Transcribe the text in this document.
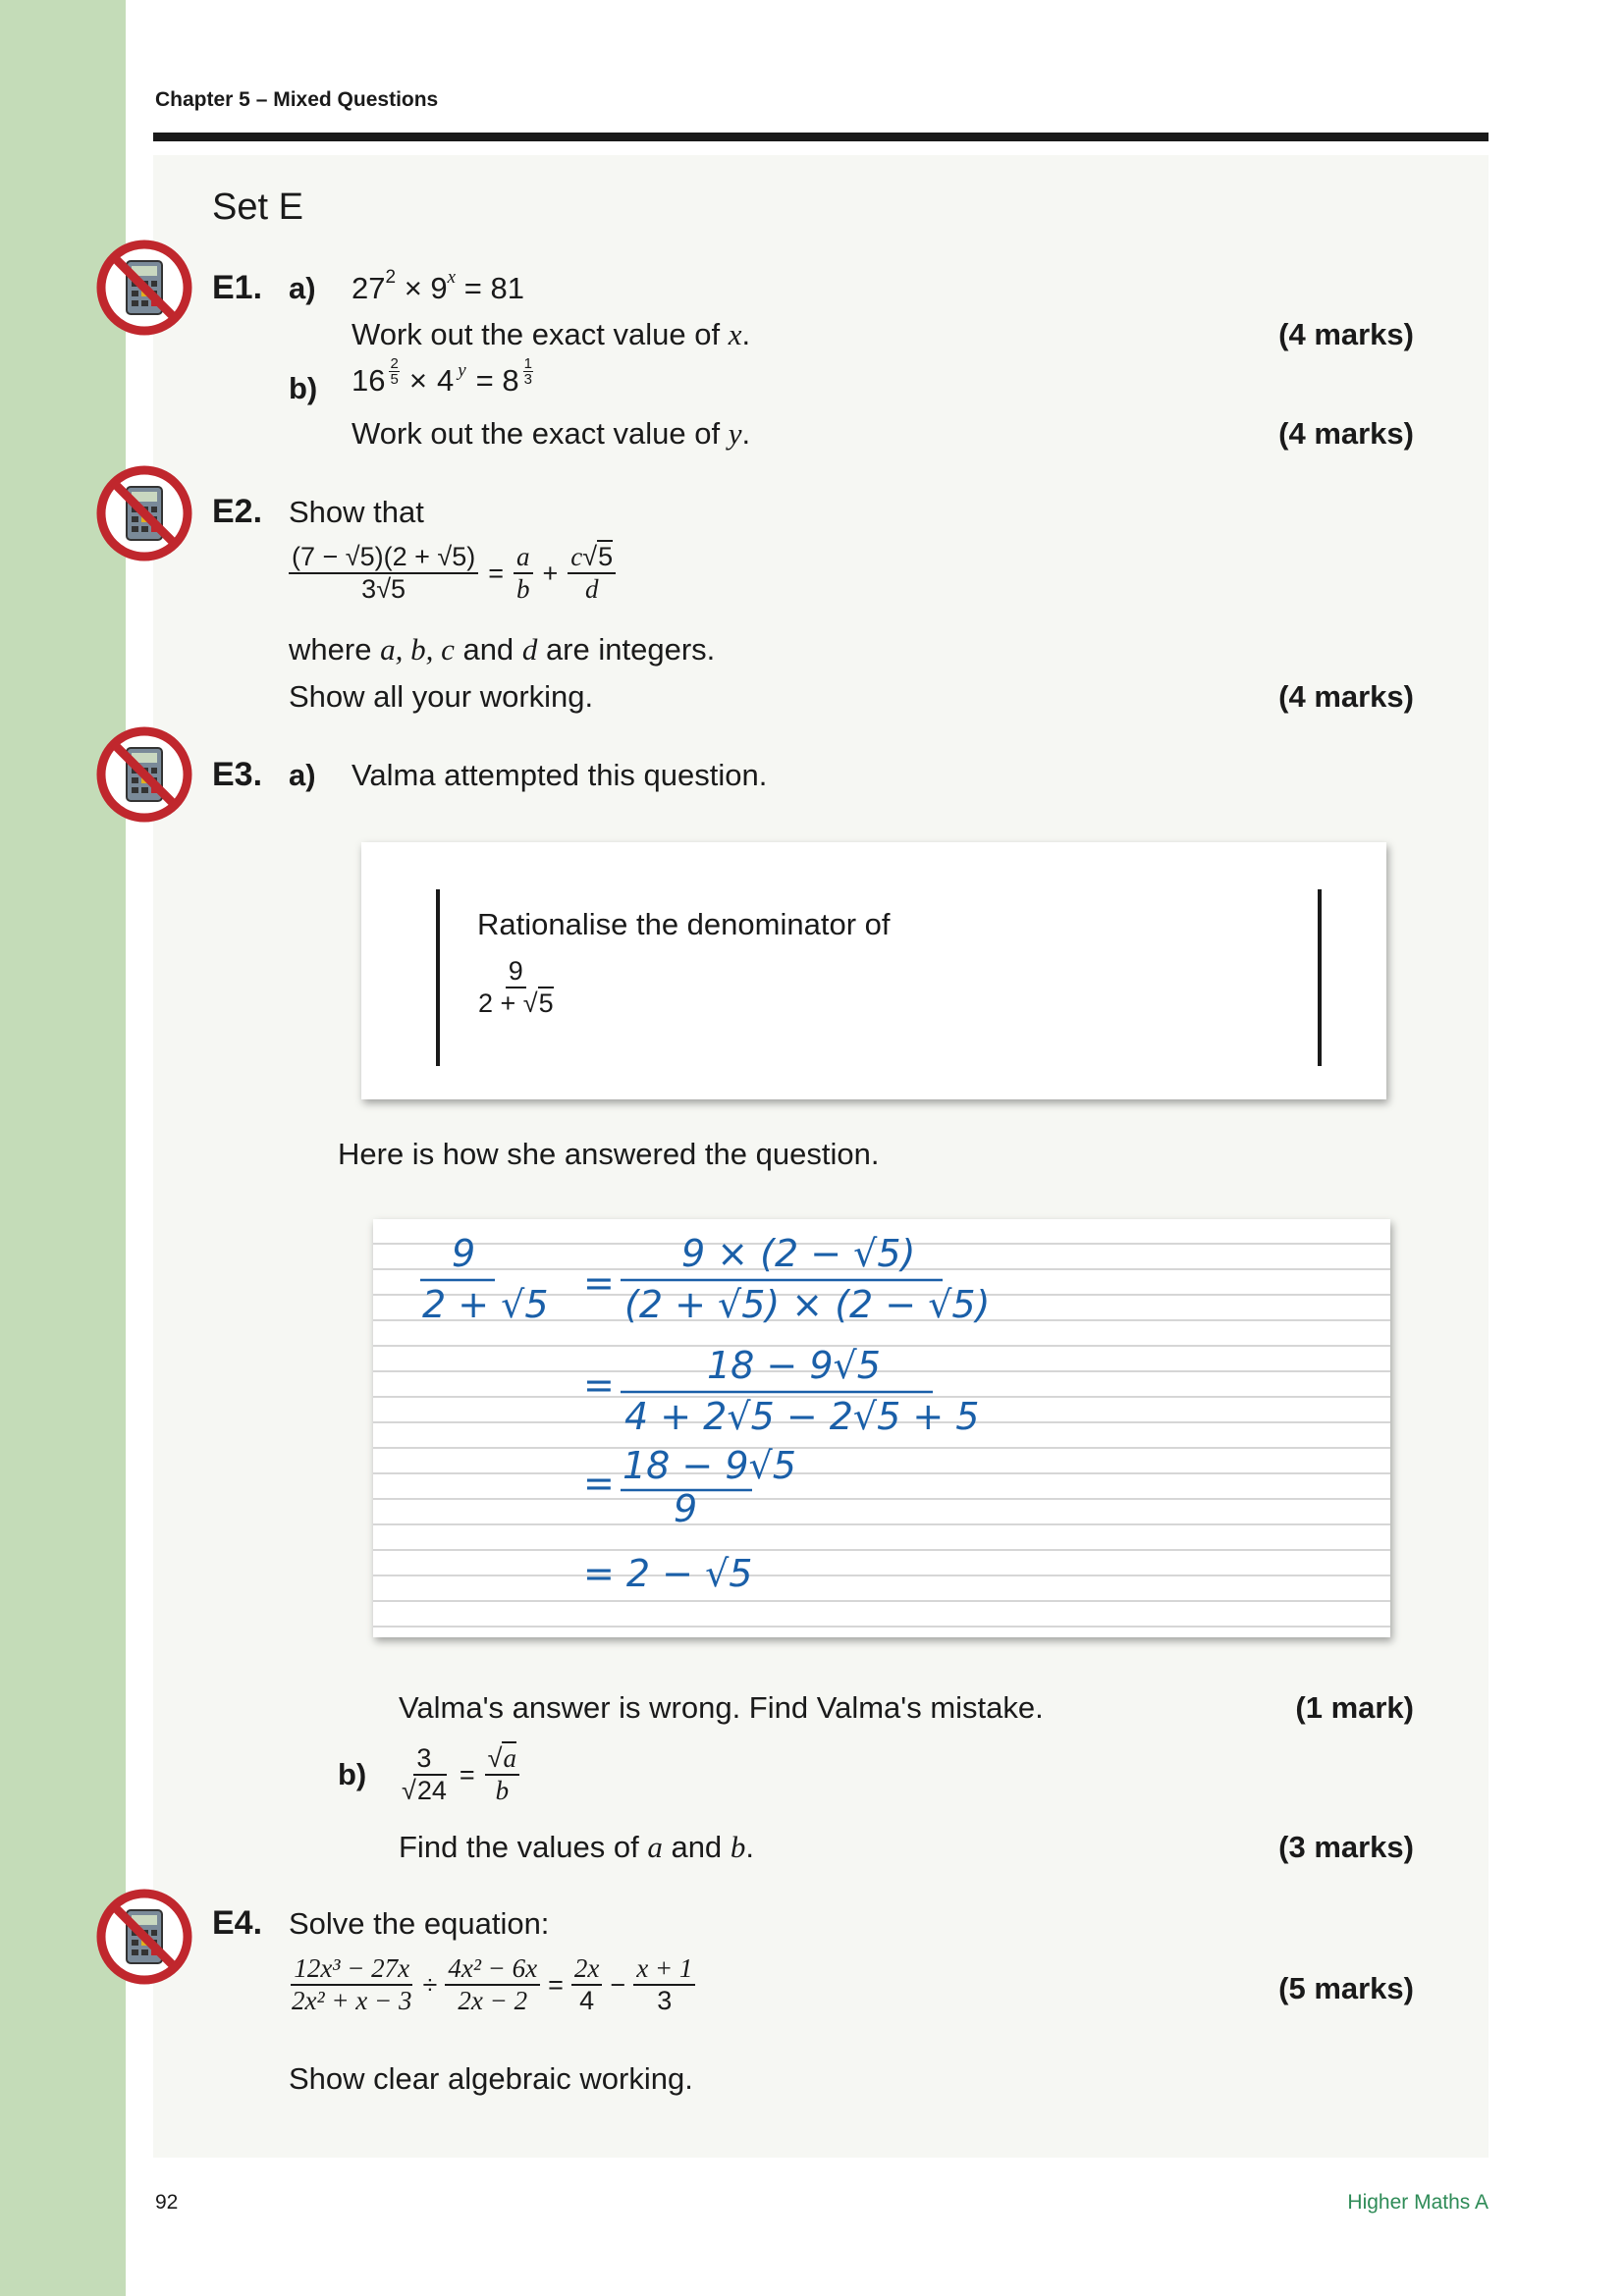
Chapter 5 – Mixed Questions
Set E
E1. a) $27^2 \times 9^x = 81$
Work out the exact value of x.	(4 marks)
b) $16 \frac{2}{5} \times 4^y = 8 \frac{1}{3}$
Work out the exact value of y.	(4 marks)
E2. Show that
$\frac{(7 - √5)(2 + √5)}{3√5} = \frac{a}{b} + \frac{c√5}{d}$
where a, b, c and d are integers.
Show all your working.	(4 marks)
E3. a) Valma attempted this question.
Rationalise the denominator of
$\frac{9}{2 + √5}$
Here is how she answered the question.
9
2 + √5 =
9 × (2 − √5)
(2 + √5) × (2 − √5)
= 18 − 9√5
4 + 2√5 − 2√5 + 5
= 18 − 9√5
9
= 2 − √5
Valma's answer is wrong. Find Valma's mistake.	(1 mark)
$b) \frac{3}{√24} = \frac{√a}{b}$
Find the values of a and b.	(3 marks)
E4. Solve the equation:
$\frac{\text{12x³ − 27x}}{\text{2x² + x − 3}} \div \frac{\text{4x² − 6x}}{2x - 2} = \frac{2x}{4} - \frac{x + 1}{3}$	(5 marks)
Show clear algebraic working.
92	Higher Maths A
